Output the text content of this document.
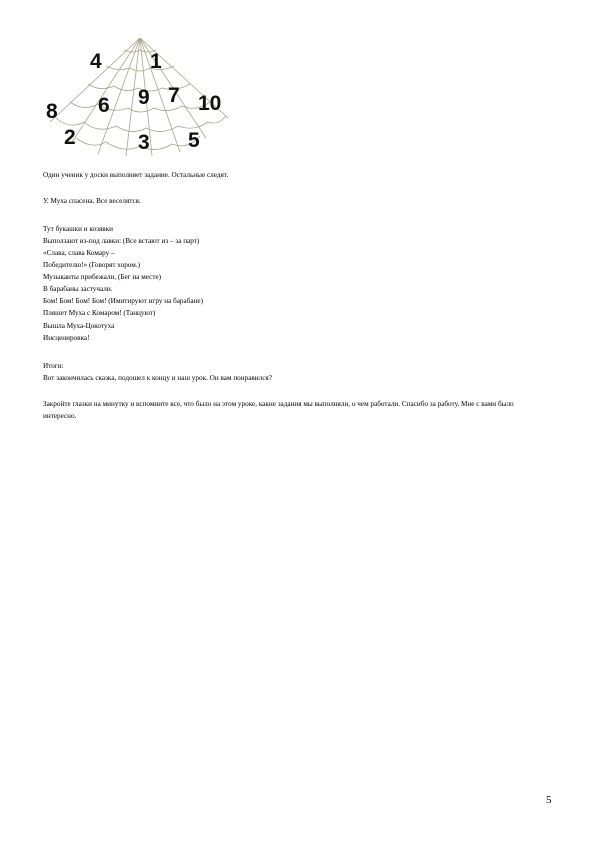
4 1
8 6 9 7 10
2	3 5
Один ученик у доски выполняет задание. Остальные следят.
У. Муха спасена. Все веселятся.
Тут букашки и козявки
Выползают из-под лавки: (Все встают из – за парт)
«Слава, слава Комару –
Победителю!» (Говорят хором.)
Музыканты прибежали, (Бег на месте)
В барабаны застучали.
Бом! Бом! Бом! Бом! (Имитируют игру на барабане)
Пляшет Муха с Комаром! (Танцуют)
Вышла Муха-Цокотуха
Инсценировка!
Итоги:
Вот закончилась сказка, подошел к концу и наш урок. Он вам понравился?
Закройте глазки на минутку и вспомните все, что было на этом уроке, какие задания мы выполняли, о чем работали. Спасибо за работу. Мне с вами было интересно.
5
